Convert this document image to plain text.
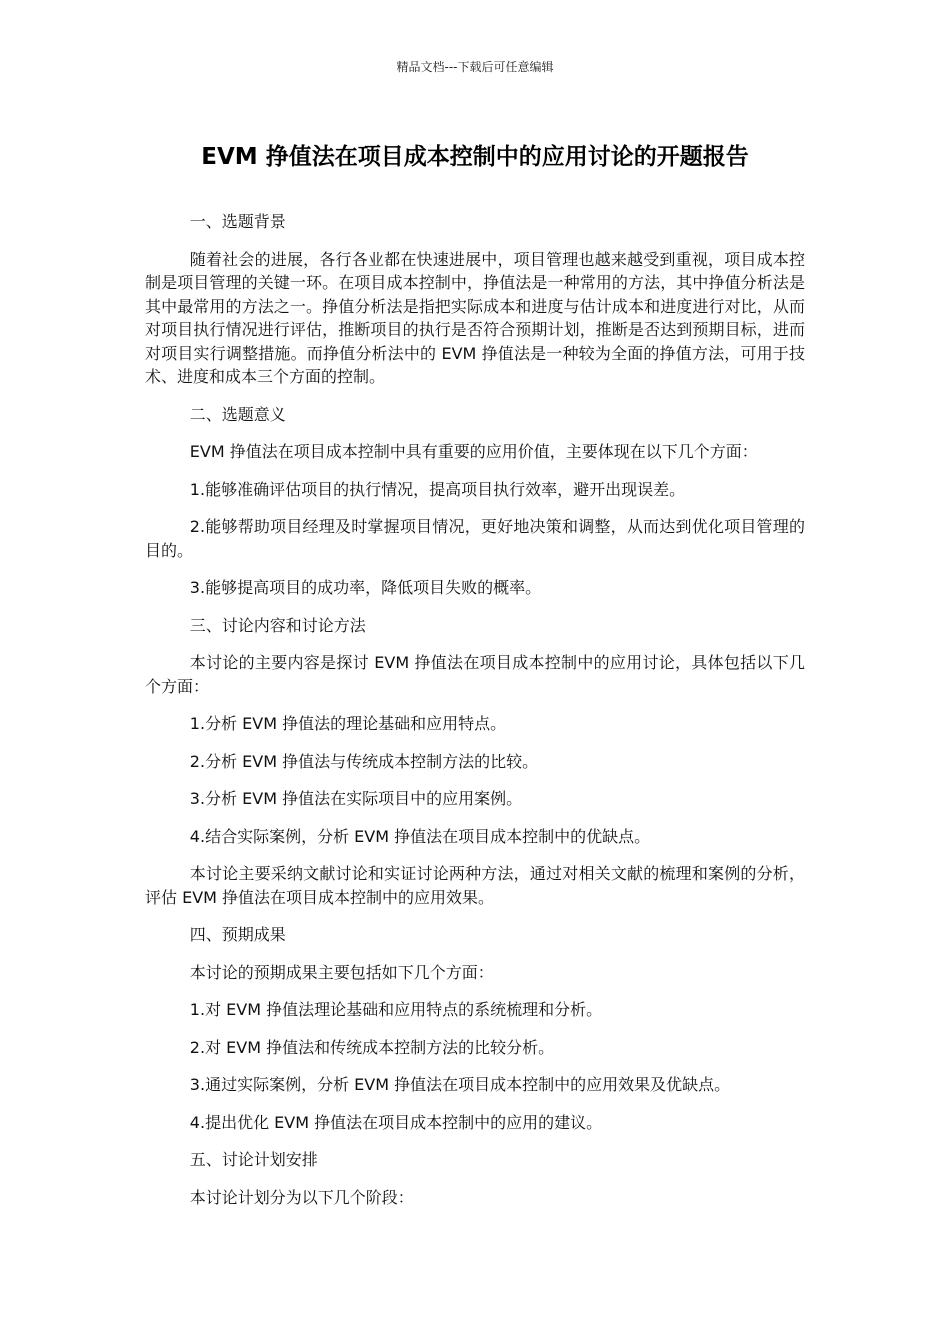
精品文档---下载后可任意编辑
EVM 挣值法在项目成本控制中的应用讨论的开题报告
一、选题背景
随着社会的进展，各行各业都在快速进展中，项目管理也越来越受到重视，项目成本控制是项目管理的关键一环。在项目成本控制中，挣值法是一种常用的方法，其中挣值分析法是其中最常用的方法之一。挣值分析法是指把实际成本和进度与估计成本和进度进行对比，从而对项目执行情况进行评估，推断项目的执行是否符合预期计划，推断是否达到预期目标，进而对项目实行调整措施。而挣值分析法中的 EVM 挣值法是一种较为全面的挣值方法，可用于技术、进度和成本三个方面的控制。
二、选题意义
EVM 挣值法在项目成本控制中具有重要的应用价值，主要体现在以下几个方面：
1.能够准确评估项目的执行情况，提高项目执行效率，避开出现误差。
2.能够帮助项目经理及时掌握项目情况，更好地决策和调整，从而达到优化项目管理的目的。
3.能够提高项目的成功率，降低项目失败的概率。
三、讨论内容和讨论方法
本讨论的主要内容是探讨 EVM 挣值法在项目成本控制中的应用讨论，具体包括以下几个方面：
1.分析 EVM 挣值法的理论基础和应用特点。
2.分析 EVM 挣值法与传统成本控制方法的比较。
3.分析 EVM 挣值法在实际项目中的应用案例。
4.结合实际案例，分析 EVM 挣值法在项目成本控制中的优缺点。
本讨论主要采纳文献讨论和实证讨论两种方法，通过对相关文献的梳理和案例的分析，评估 EVM 挣值法在项目成本控制中的应用效果。
四、预期成果
本讨论的预期成果主要包括如下几个方面：
1.对 EVM 挣值法理论基础和应用特点的系统梳理和分析。
2.对 EVM 挣值法和传统成本控制方法的比较分析。
3.通过实际案例，分析 EVM 挣值法在项目成本控制中的应用效果及优缺点。
4.提出优化 EVM 挣值法在项目成本控制中的应用的建议。
五、讨论计划安排
本讨论计划分为以下几个阶段：
